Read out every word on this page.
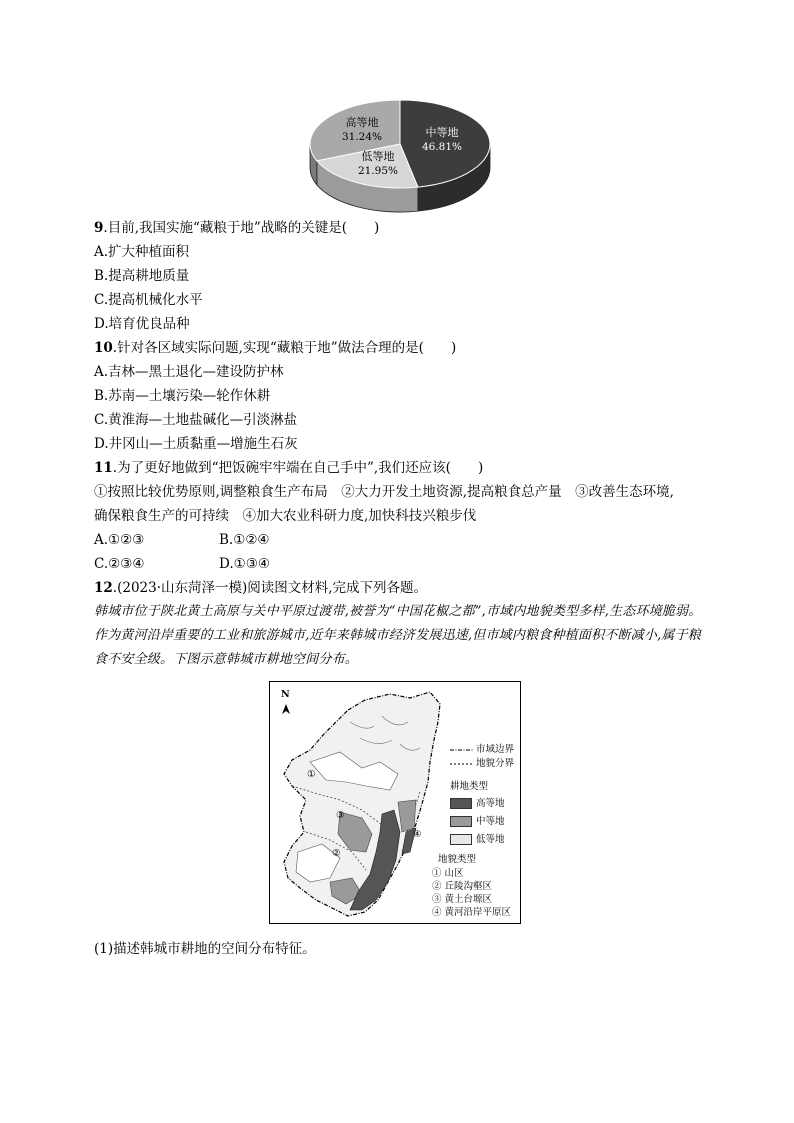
中等地
46.81%
低等地
21.95%
高等地
31.24%
9.目前,我国实施“藏粮于地”战略的关键是(　　)
A.扩大种植面积
B.提高耕地质量
C.提高机械化水平
D.培育优良品种
10.针对各区域实际问题,实现“藏粮于地”做法合理的是(　　)
A.吉林—黑土退化—建设防护林
B.苏南—土壤污染—轮作休耕
C.黄淮海—土地盐碱化—引淡淋盐
D.井冈山—土质黏重—增施生石灰
11.为了更好地做到“把饭碗牢牢端在自己手中”,我们还应该(　　)
①按照比较优势原则,调整粮食生产布局　②大力开发土地资源,提高粮食总产量　③改善生态环境,
确保粮食生产的可持续　④加大农业科研力度,加快科技兴粮步伐
A.①②③	B.①②④
C.②③④	D.①③④
12.(2023·山东菏泽一模)阅读图文材料,完成下列各题。
韩城市位于陕北黄土高原与关中平原过渡带,被誉为“中国花椒之都”,市域内地貌类型多样,生态环境脆弱。作为黄河沿岸重要的工业和旅游城市,近年来韩城市经济发展迅速,但市域内粮食种植面积不断减小,属于粮食不安全级。下图示意韩城市耕地空间分布。
①
②
③
④
N
市域边界
地貌分界
耕地类型
高等地
中等地
低等地
地貌类型
① 山区
② 丘陵沟壑区
③ 黄土台塬区
④ 黄河沿岸平原区
(1)描述韩城市耕地的空间分布特征。
